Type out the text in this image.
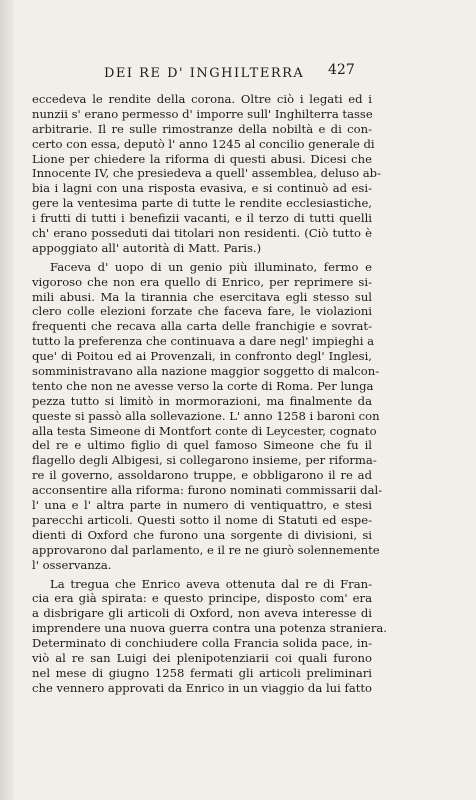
DEI RE D' INGHILTERRA 427

eccedeva le rendite della corona. Oltre ciò i legati ed i
nunzii s' erano permesso d' imporre sull' Inghilterra tasse
arbitrarie. Il re sulle rimostranze della nobiltà e di con-
certo con essa, deputò l' anno 1245 al concilio generale di
Lione per chiedere la riforma di questi abusi. Dicesi che
Innocente IV, che presiedeva a quell' assemblea, deluso ab-
bia i lagni con una risposta evasiva, e si continuò ad esi-
gere la ventesima parte di tutte le rendite ecclesiastiche,
i frutti di tutti i benefizii vacanti, e il terzo di tutti quelli
ch' erano posseduti dai titolari non residenti. (Ciò tutto è
appoggiato all' autorità di Matt. Paris.)

Faceva d' uopo di un genio più illuminato, fermo e
vigoroso che non era quello di Enrico, per reprimere si-
mili abusi. Ma la tirannia che esercitava egli stesso sul
clero colle elezioni forzate che faceva fare, le violazioni
frequenti che recava alla carta delle franchigie e sovrat-
tutto la preferenza che continuava a dare negl' impieghi a
que' di Poitou ed ai Provenzali, in confronto degl' Inglesi,
somministravano alla nazione maggior soggetto di malcon-
tento che non ne avesse verso la corte di Roma. Per lunga
pezza tutto si limitò in mormorazioni, ma finalmente da
queste si passò alla sollevazione. L' anno 1258 i baroni con
alla testa Simeone di Montfort conte di Leycester, cognato
del re e ultimo figlio di quel famoso Simeone che fu il
flagello degli Albigesi, si collegarono insieme, per riforma-
re il governo, assoldarono truppe, e obbligarono il re ad
acconsentire alla riforma: furono nominati commissarii dal-
l' una e l' altra parte in numero di ventiquattro, e stesi
parecchi articoli. Questi sotto il nome di Statuti ed espe-
dienti di Oxford che furono una sorgente di divisioni, si
approvarono dal parlamento, e il re ne giurò solennemente
l' osservanza.

La tregua che Enrico aveva ottenuta dal re di Fran-
cia era già spirata: e questo principe, disposto com' era
a disbrigare gli articoli di Oxford, non aveva interesse di
imprendere una nuova guerra contra una potenza straniera.
Determinato di conchiudere colla Francia solida pace, in-
viò al re san Luigi dei plenipotenziarii coi quali furono
nel mese di giugno 1258 fermati gli articoli preliminari
che vennero approvati da Enrico in un viaggio da lui fatto
